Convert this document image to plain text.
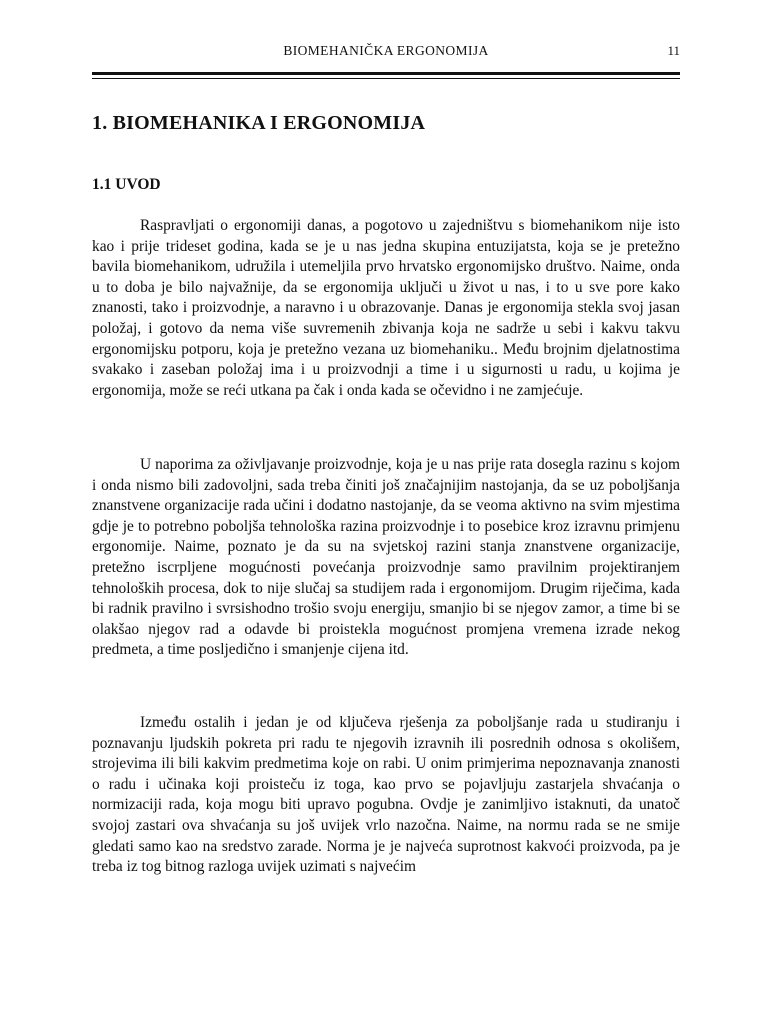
BIOMEHANIČKA ERGONOMIJA	11
1. BIOMEHANIKA I ERGONOMIJA
1.1 UVOD

Raspravljati o ergonomiji danas, a pogotovo u zajedništvu s biomehanikom nije isto kao i prije trideset godina, kada se je u nas jedna skupina entuzijatsta, koja se je pretežno bavila biomehanikom, udružila i utemeljila prvo hrvatsko ergonomijsko društvo. Naime, onda u to doba je bilo najvažnije, da se ergonomija uključi u život u nas, i to u sve pore kako znanosti, tako i proizvodnje, a naravno i u obrazovanje. Danas je ergonomija stekla svoj jasan položaj, i gotovo da nema više suvremenih zbivanja koja ne sadrže u sebi i kakvu takvu ergonomijsku potporu, koja je pretežno vezana uz biomehaniku.. Među brojnim djelatnostima svakako i zaseban položaj ima i u proizvodnji a time i u sigurnosti u radu, u kojima je ergonomija, može se reći utkana pa čak i onda kada se očevidno i ne zamjećuje.

U naporima za oživljavanje proizvodnje, koja je u nas prije rata dosegla razinu s kojom i onda nismo bili zadovoljni, sada treba činiti još značajnijim nastojanja, da se uz poboljšanja znanstvene organizacije rada učini i dodatno nastojanje, da se veoma aktivno na svim mjestima gdje je to potrebno poboljša tehnološka razina proizvodnje i to posebice kroz izravnu primjenu ergonomije. Naime, poznato je da su na svjetskoj razini stanja znanstvene organizacije, pretežno iscrpljene mogućnosti povećanja proizvodnje samo pravilnim projektiranjem tehnoloških procesa, dok to nije slučaj sa studijem rada i ergonomijom. Drugim riječima, kada bi radnik pravilno i svrsishodno trošio svoju energiju, smanjio bi se njegov zamor, a time bi se olakšao njegov rad a odavde bi proistekla mogućnost promjena vremena izrade nekog predmeta, a time posljedično i smanjenje cijena itd.

Između ostalih i jedan je od ključeva rješenja za poboljšanje rada u studiranju i poznavanju ljudskih pokreta pri radu te njegovih izravnih ili posrednih odnosa s okolišem, strojevima ili bili kakvim predmetima koje on rabi. U onim primjerima nepoznavanja znanosti o radu i učinaka koji proisteču iz toga, kao prvo se pojavljuju zastarjela shvaćanja o normizaciji rada, koja mogu biti upravo pogubna. Ovdje je zanimljivo istaknuti, da unatoč svojoj zastari ova shvaćanja su još uvijek vrlo nazočna. Naime, na normu rada se ne smije gledati samo kao na sredstvo zarade. Norma je je najveća suprotnost kakvoći proizvoda, pa je treba iz tog bitnog razloga uvijek uzimati s najvećim
